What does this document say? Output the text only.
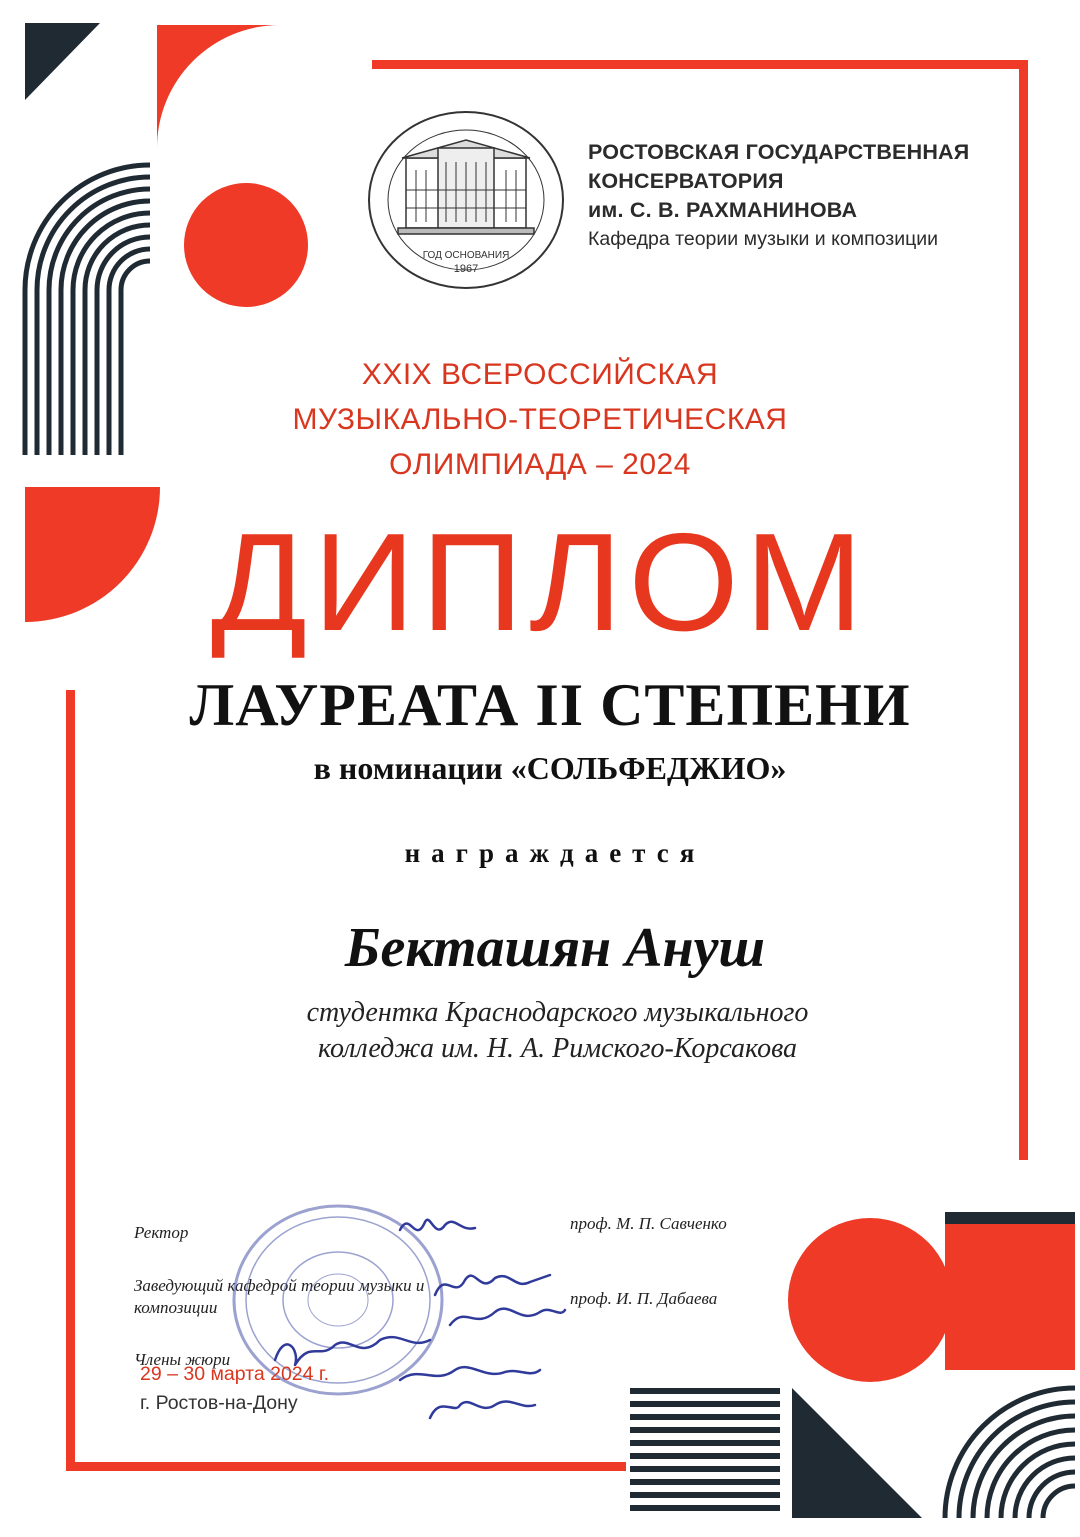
ГОД ОСНОВАНИЯ
1967
РОСТОВСКАЯ ГОСУДАРСТВЕННАЯ
КОНСЕРВАТОРИЯ
им. С. В. РАХМАНИНОВА
Кафедра теории музыки и композиции
XXIX ВСЕРОССИЙСКАЯ
МУЗЫКАЛЬНО-ТЕОРЕТИЧЕСКАЯ
ОЛИМПИАДА – 2024
ДИПЛОМ
ЛАУРЕАТА II СТЕПЕНИ
в номинации «СОЛЬФЕДЖИО»
награждается
Бекташян Ануш
студентка Краснодарского музыкального
колледжа им. Н. А. Римского-Корсакова
Ректор	проф. М. П. Савченко
Заведующий кафедрой теории музыки и
композиции	проф. И. П. Дабаева
Члены жюри
29 – 30 марта 2024 г.
г. Ростов-на-Дону
